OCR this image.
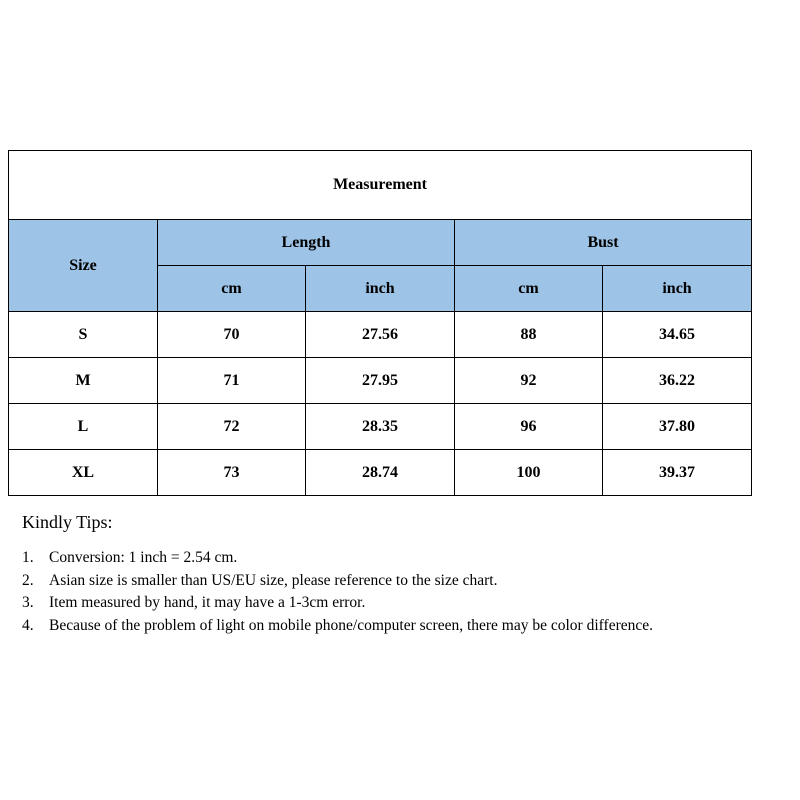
Measurement				
Size	Length		Bust	
	cm	inch	cm	inch
S	70	27.56	88	34.65
M	71	27.95	92	36.22
L	72	28.35	96	37.80
XL	73	28.74	100	39.37

Kindly Tips:

1. Conversion: 1 inch = 2.54 cm.
2. Asian size is smaller than US/EU size, please reference to the size chart.
3. Item measured by hand, it may have a 1-3cm error.
4. Because of the problem of light on mobile phone/computer screen, there may be color difference.
